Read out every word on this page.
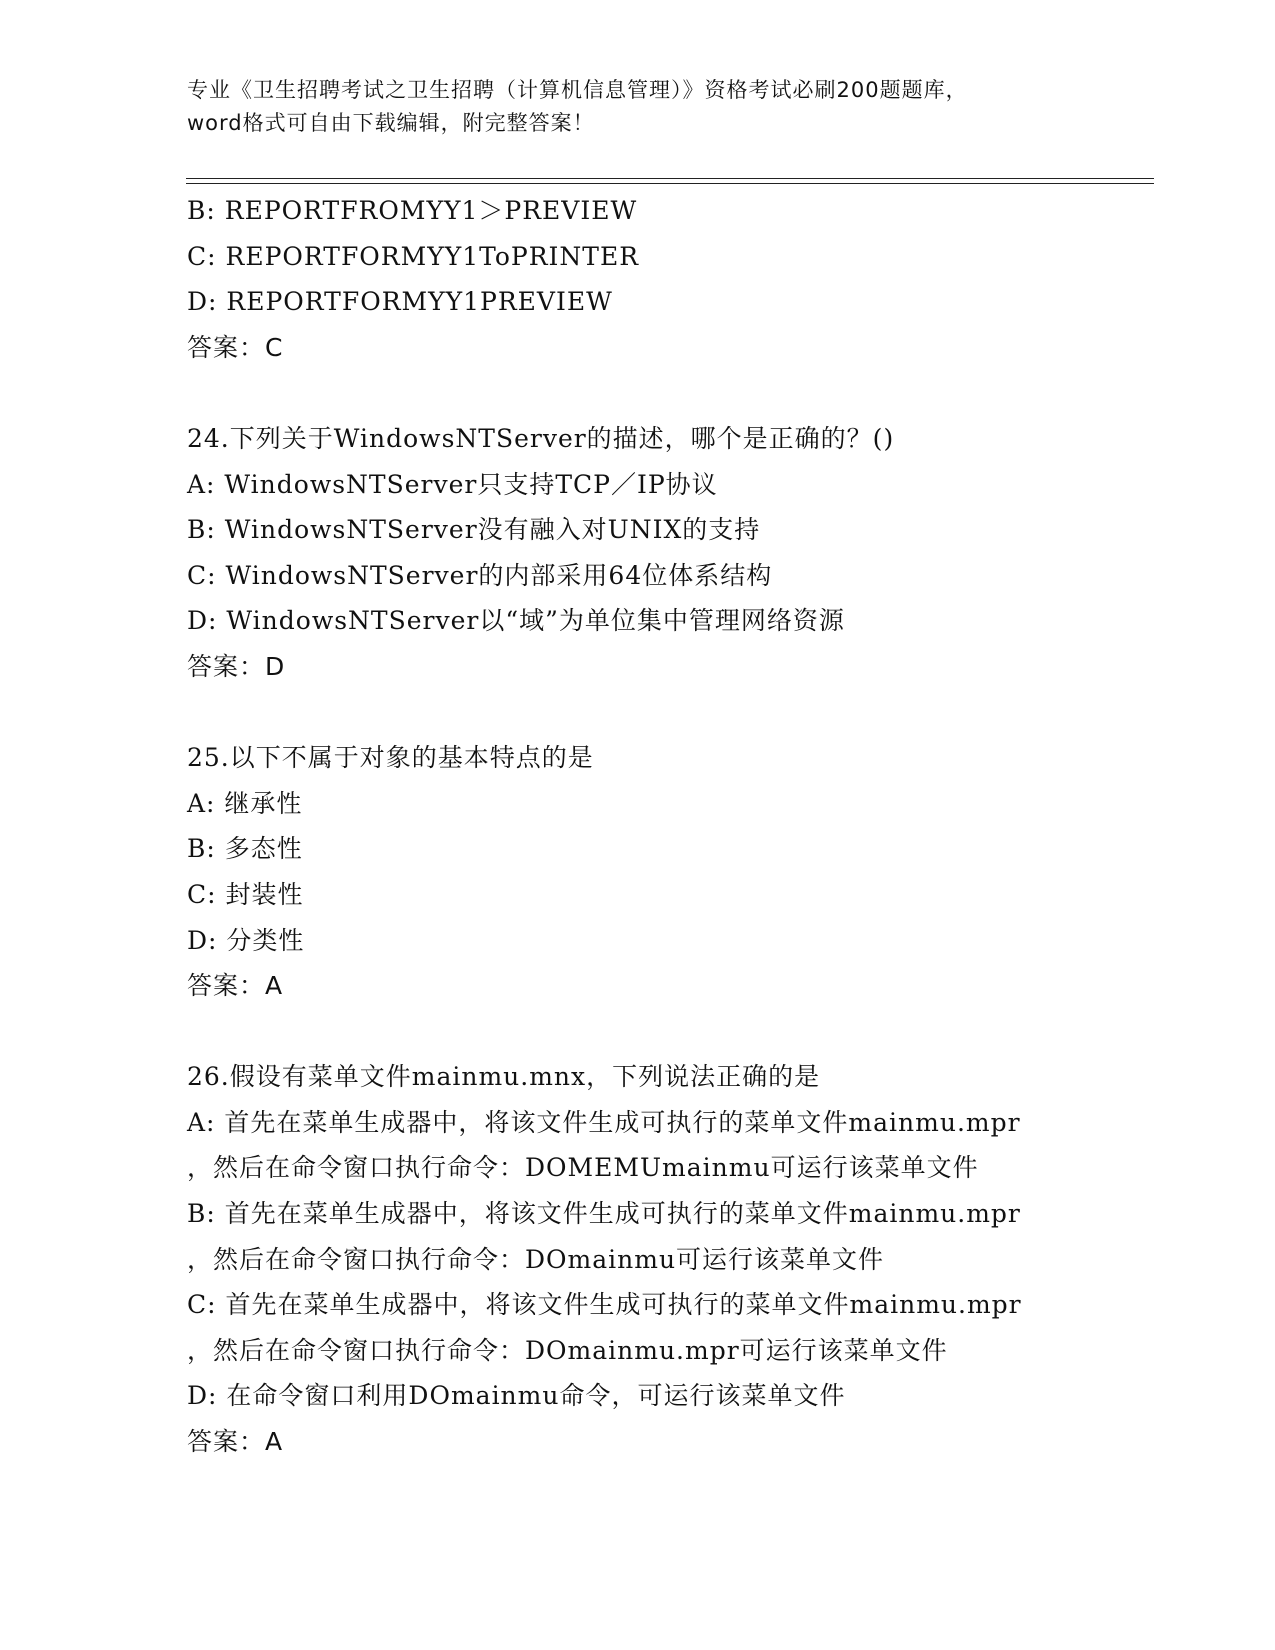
专业《卫生招聘考试之卫生招聘（计算机信息管理）》资格考试必刷200题题库，
word格式可自由下载编辑，附完整答案！
B: REPORTFROMYY1＞PREVIEW
C: REPORTFORMYY1ToPRINTER
D: REPORTFORMYY1PREVIEW
答案：C
24.下列关于WindowsNTServer的描述，哪个是正确的？()
A: WindowsNTServer只支持TCP／IP协议
B: WindowsNTServer没有融入对UNIX的支持
C: WindowsNTServer的内部采用64位体系结构
D: WindowsNTServer以“域”为单位集中管理网络资源
答案：D
25.以下不属于对象的基本特点的是
A: 继承性
B: 多态性
C: 封装性
D: 分类性
答案：A
26.假设有菜单文件mainmu.mnx，下列说法正确的是
A: 首先在菜单生成器中，将该文件生成可执行的菜单文件mainmu.mpr
，然后在命令窗口执行命令：DOMEMUmainmu可运行该菜单文件
B: 首先在菜单生成器中，将该文件生成可执行的菜单文件mainmu.mpr
，然后在命令窗口执行命令：DOmainmu可运行该菜单文件
C: 首先在菜单生成器中，将该文件生成可执行的菜单文件mainmu.mpr
，然后在命令窗口执行命令：DOmainmu.mpr可运行该菜单文件
D: 在命令窗口利用DOmainmu命令，可运行该菜单文件
答案：A
